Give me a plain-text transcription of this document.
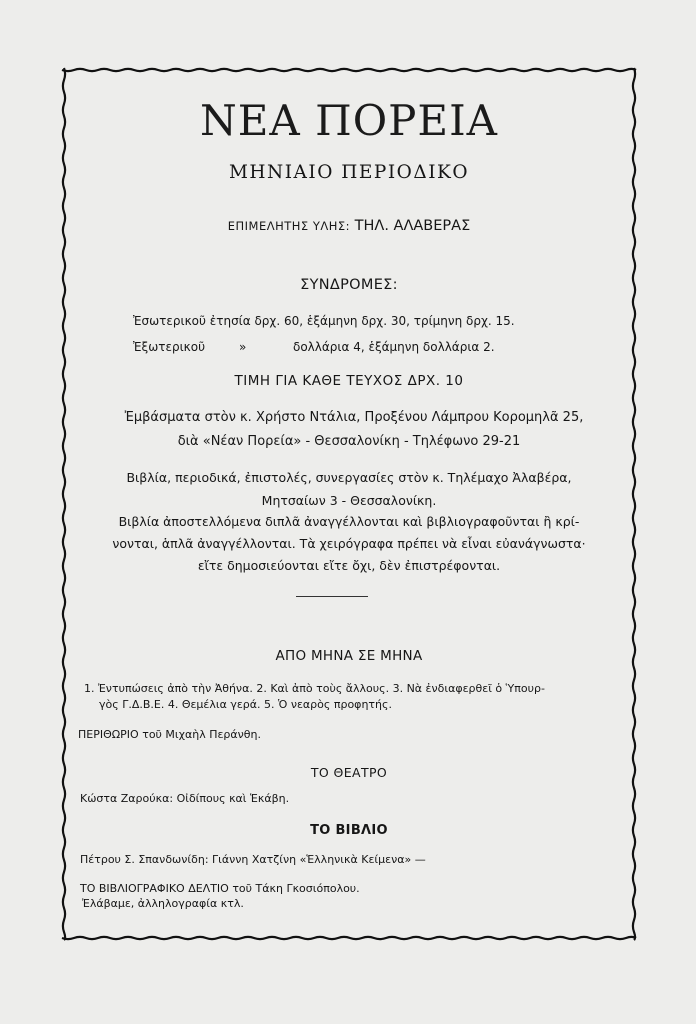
ΝΕΑ ΠΟΡΕΙΑ
ΜΗΝΙΑΙΟ ΠΕΡΙΟΔΙΚΟ
ΕΠΙΜΕΛΗΤΗΣ ΥΛΗΣ: ΤΗΛ. ΑΛΑΒΕΡΑΣ
ΣΥΝΔΡΟΜΕΣ:
Ἐσωτερικοῦ ἐτησία δρχ. 60, ἑξάμηνη δρχ. 30, τρίμηνη δρχ. 15.
Ἐξωτερικοῦ	»	δολλάρια 4, ἑξάμηνη δολλάρια 2.
ΤΙΜΗ ΓΙΑ ΚΑΘΕ ΤΕΥΧΟΣ ΔΡΧ. 10
Ἐμβάσματα στὸν κ. Χρήστο Ντάλια, Προξένου Λάμπρου Κορομηλᾶ 25,
διὰ «Νέαν Πορεία» - Θεσσαλονίκη - Τηλέφωνο 29-21
Βιβλία, περιοδικά, ἐπιστολές, συνεργασίες στὸν κ. Τηλέμαχο Ἀλαβέρα,
Μητσαίων 3 - Θεσσαλονίκη.
Βιβλία ἀποστελλόμενα διπλᾶ ἀναγγέλλονται καὶ βιβλιογραφοῦνται ἢ κρί-
νονται, ἁπλᾶ ἀναγγέλλονται. Τὰ χειρόγραφα πρέπει νὰ εἶναι εὐανάγνωστα·
εἴτε δημοσιεύονται εἴτε ὄχι, δὲν ἐπιστρέφονται.
ΑΠΟ ΜΗΝΑ ΣΕ ΜΗΝΑ
1. Ἐντυπώσεις ἀπὸ τὴν Ἀθήνα. 2. Καὶ ἀπὸ τοὺς ἄλλους. 3. Νὰ ἐνδιαφερθεῖ ὁ Ὑπουρ-
γὸς Γ.Δ.Β.Ε. 4. Θεμέλια γερά. 5. Ὁ νεαρὸς προφητής.
ΠΕΡΙΘΩΡΙΟ τοῦ Μιχαὴλ Περάνθη.
ΤΟ ΘΕΑΤΡΟ
Κώστα Ζαρούκα: Οἰδίπους καὶ Ἑκάβη.
ΤΟ ΒΙΒΛΙΟ
Πέτρου Σ. Σπανδωνίδη: Γιάννη Χατζίνη «Ἑλληνικὰ Κείμενα» —
ΤΟ ΒΙΒΛΙΟΓΡΑΦΙΚΟ ΔΕΛΤΙΟ τοῦ Τάκη Γκοσιόπολου.
Ἐλάβαμε, ἀλληλογραφία κτλ.
